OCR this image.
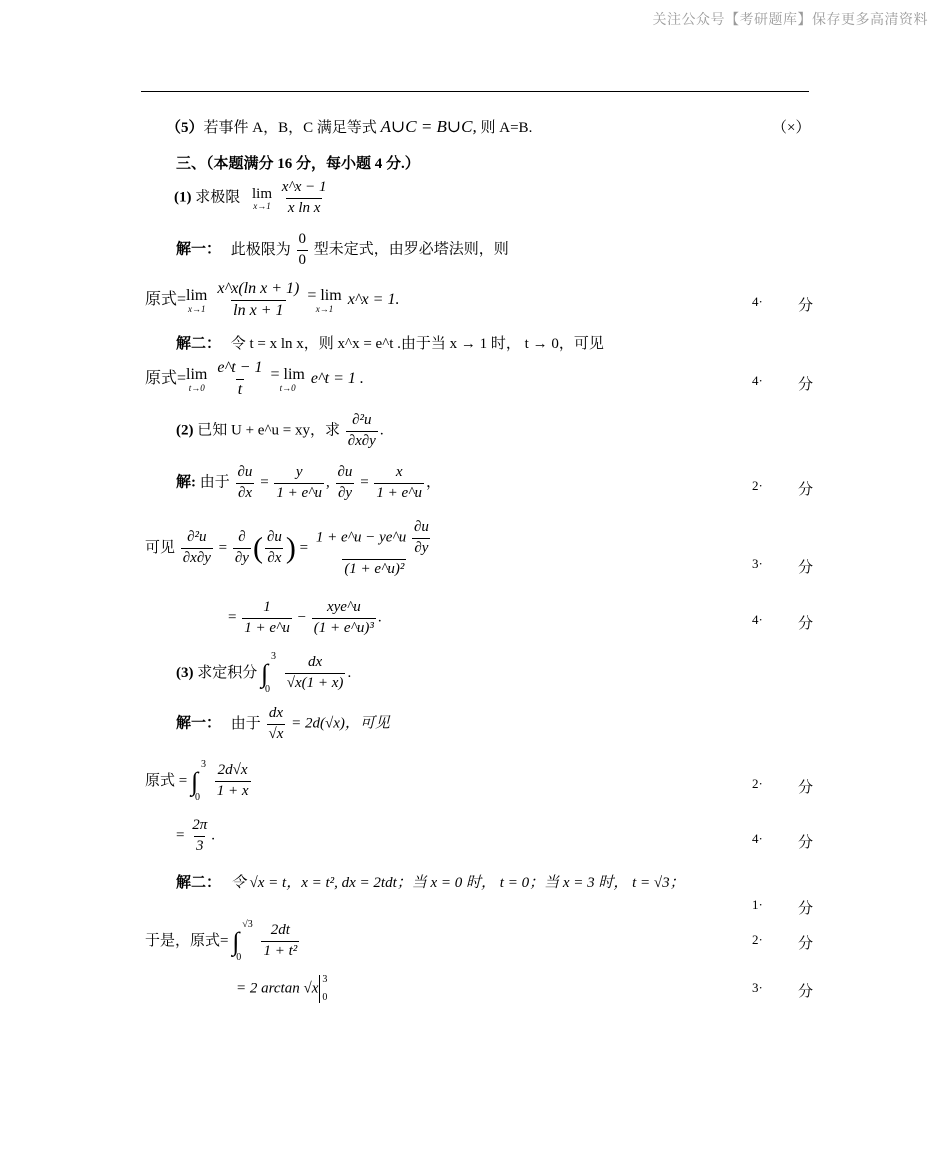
关注公众号【考研题库】保存更多高清资料
（5）若事件 A，B，C 满足等式 A∪C = B∪C, 则 A=B.	（×）
三、（本题满分 16 分，每小题 4 分.）
(1) 求极限 lim
x→1
$\frac{x\^{}x - 1}{\text{x ln x}}$
解一： 此极限为 $\frac{0}{0}$ 型未定式，由罗必塔法则，则
原式= lim
x→1
$\frac{\text{x\textasciicircum{}x(ln x + 1)}}{\text{ln x + 1}}$
= lim
x→1
x^x = 1.
解二： 令 t = x ln x，则 x^x = e^t .由于当 x → 1 时， t → 0，可见
原式= lim
t→0
$\frac{e\^{}t - 1}{t}$
= lim
t→0
e^t = 1 .
(2) 已知 U + e^u = xy，求 $\frac{\text{∂²u}}{\partial x\partial y}$ .
解: 由于 $\frac{\partial u}{\partial x} = \frac{y}{1 + e\^{}u}$ , $\frac{\partial u}{\partial y} = \frac{x}{1 + e\^{}u}$ ，
可见 $\frac{\text{∂²u}}{\partial x\partial y} = \frac{\partial}{\partial y}$ ( $\frac{\partial u}{\partial x}$ ) = $\frac{1 + e\^{}u - ye\^{}u \frac{\partial u}{\partial y}}{\text{(1 + e\textasciicircum{}u)²}}$
= $\frac{1}{1 + e\^{}u} - \frac{\text{xye\textasciicircum{}u}}{\text{(1 + e\textasciicircum{}u)³}}$ .
(3) 求定积分
3
∫
0
$\frac{dx}{√x(1 + x)}$ .
解一： 由于 $\frac{dx}{√x} = 2d(√x)$，可见
原式 =
3
∫
0
$\frac{2d√x}{1 + x}$
= $\frac{2\pi}{3}$ .
解二： 令 √x = t，x = t², dx = 2tdt；当 x = 0 时， t = 0；当 x = 3 时， t = √3；
于是，原式=
√3
∫
0
	$\frac{2dt}{\text{1 + t²}}$
= 2 arctan √x
3
0
4· 分
4· 分
2· 分
3· 分
4· 分
2· 分
4· 分
1· 分
2· 分
3· 分
